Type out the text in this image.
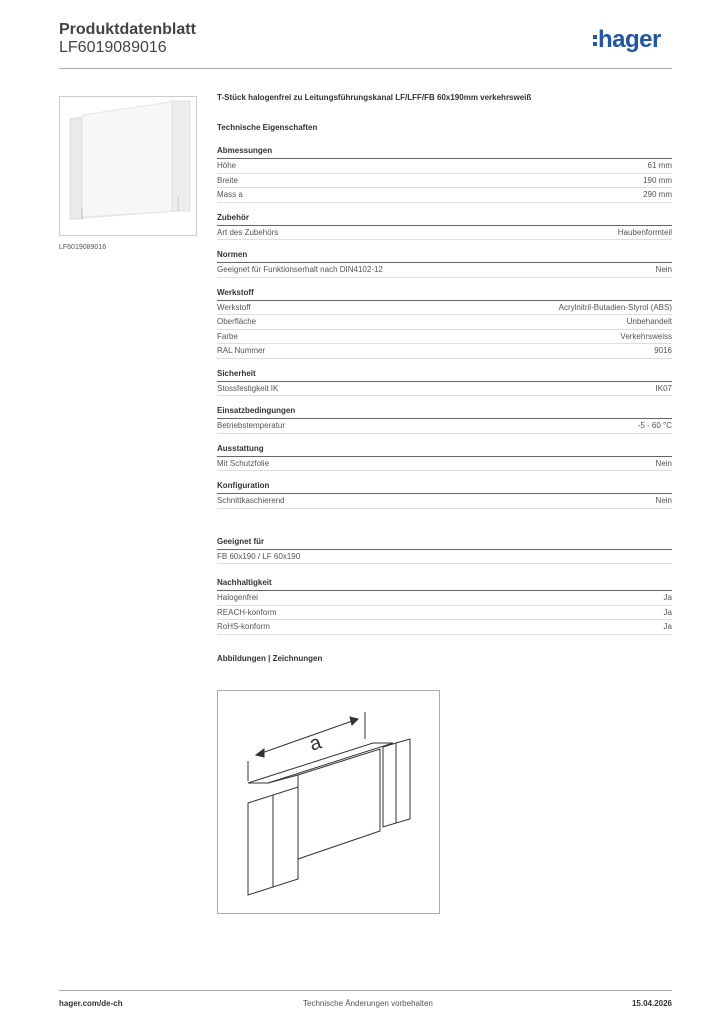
Produktdatenblatt
LF6019089016	hager
LF6019089016
T-Stück halogenfrei zu Leitungsführungskanal LF/LFF/FB 60x190mm verkehrsweiß
Technische Eigenschaften
Abmessungen
Höhe	61 mm
Breite	190 mm
Mass a	290 mm
Zubehör
Art des Zubehörs	Haubenformteil
Normen
Geeignet für Funktionserhalt nach DIN4102-12	Nein
Werkstoff
Werkstoff	Acrylnitril-Butadien-Styrol (ABS)
Oberfläche	Unbehandelt
Farbe	Verkehrsweiss
RAL Nummer	9016
Sicherheit
Stossfestigkeit IK	IK07
Einsatzbedingungen
Betriebstemperatur	-5 - 60 °C
Ausstattung
Mit Schutzfolie	Nein
Konfiguration
Schnittkaschierend	Nein
Geeignet für
FB 60x190 / LF 60x190
Nachhaltigkeit
Halogenfrei	Ja
REACH-konform	Ja
RoHS-konform	Ja
Abbildungen | Zeichnungen
a
hager.com/de-ch	Technische Änderungen vorbehalten	15.04.2026
